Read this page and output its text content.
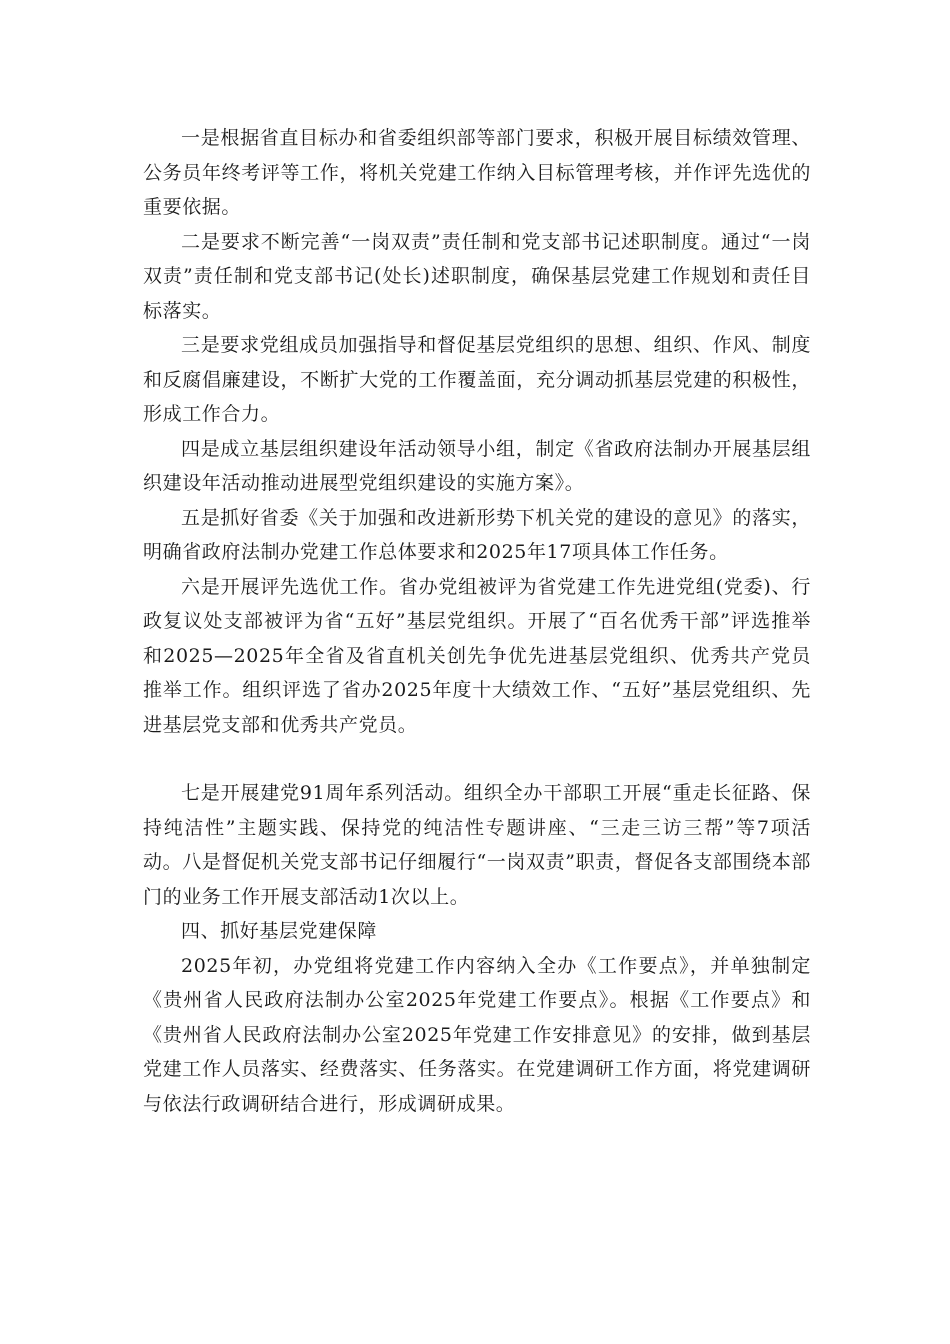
一是根据省直目标办和省委组织部等部门要求，积极开展目标绩效管理、公务员年终考评等工作，将机关党建工作纳入目标管理考核，并作评先选优的重要依据。

二是要求不断完善“一岗双责”责任制和党支部书记述职制度。通过“一岗双责”责任制和党支部书记(处长)述职制度，确保基层党建工作规划和责任目标落实。

三是要求党组成员加强指导和督促基层党组织的思想、组织、作风、制度和反腐倡廉建设，不断扩大党的工作覆盖面，充分调动抓基层党建的积极性，形成工作合力。

四是成立基层组织建设年活动领导小组，制定《省政府法制办开展基层组织建设年活动推动进展型党组织建设的实施方案》。

五是抓好省委《关于加强和改进新形势下机关党的建设的意见》的落实，明确省政府法制办党建工作总体要求和2025年17项具体工作任务。

六是开展评先选优工作。省办党组被评为省党建工作先进党组(党委)、行政复议处支部被评为省“五好”基层党组织。开展了“百名优秀干部”评选推举和2025—2025年全省及省直机关创先争优先进基层党组织、优秀共产党员推举工作。组织评选了省办2025年度十大绩效工作、“五好”基层党组织、先进基层党支部和优秀共产党员。

七是开展建党91周年系列活动。组织全办干部职工开展“重走长征路、保持纯洁性”主题实践、保持党的纯洁性专题讲座、“三走三访三帮”等7项活动。八是督促机关党支部书记仔细履行“一岗双责”职责，督促各支部围绕本部门的业务工作开展支部活动1次以上。

四、抓好基层党建保障

2025年初，办党组将党建工作内容纳入全办《工作要点》，并单独制定《贵州省人民政府法制办公室2025年党建工作要点》。根据《工作要点》和《贵州省人民政府法制办公室2025年党建工作安排意见》的安排，做到基层党建工作人员落实、经费落实、任务落实。在党建调研工作方面，将党建调研与依法行政调研结合进行，形成调研成果。
